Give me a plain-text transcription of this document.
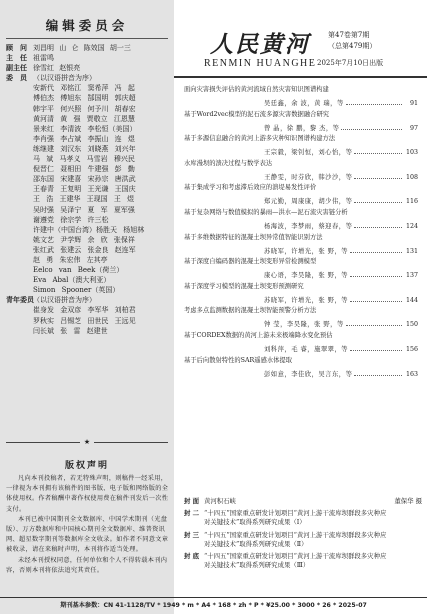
编辑委员会
顾　问 刘昌明 山 仑 陈效国 胡一三
主　任 祖雷鸣
副主任 徐雪红 赵银亮
委　员 （以汉语拼音为序）
安新代 邓铭江 窦希萍 冯 起
傅伯杰 傅旭东 郜国明 郭庆超
韩宇平 何兴照 何予川 胡春宏
黄河清 黄 强 贾敬立 江恩慧
景来红 李清波 李松恒（美国）
李肖强 李占斌 李振山 连 煜
练继建 刘汉东 刘晓燕 刘兴年
马 斌 马孝义 马雪岩 穆兴民
倪晋仁 聂相田 牛建强 彭 勤
邵东国 宋建喜 宋孙宗 唐洪武
王春青 王复明 王光谦 王国庆
王 浩 王建华 王现国 王 煜
吴时强 吴泽宁 夏 军 夏军强
谢遵党 徐宗学 许三松
许建中（中国台湾）杨胜天 杨旭林
姚文艺 尹学辉 余 欣 张保祥
张红武 张建云 张金良 赵连军
赵 勇 朱宏伟 左其亭
Eelco van Beek（荷兰）
Eva Abal（澳大利亚）
Simon Spooner（英国）
青年委员 （以汉语拼音为序）
崔身发 金双彦 李军华 刘柏君
罗秋实 吕锡芝 田世民 王远见
闫长斌 张 雷 赵建世
★
版权声明

凡向本刊投稿者，若无特殊声明，则稿件一经采用，一律视为本刊拥有该稿件的图书版、电子版和网络版的全体使用权。作者稿酬中著作权使用费在稿件刊发后一次性支付。

本刊已被中国期刊全文数据库、中国学术期刊（光盘版）、万方数据库和中国核心期刊全文数据库、维普资讯网、超星数字期刊等数据库全文收录。如作者不同意文章被收录，请在来稿时声明，本刊将作适当处理。

未经本刊授权同意，任何单位和个人不得转载本刊内容，否则本刊将依法追究其责任。

人民黄河
RENMIN HUANGHE
第47卷第7期
（总第479期）
2025年7月10日出版
面向灾害损失评估的黄河流域自然灾害知识图谱构建
吴廷鑫，余 波，黄 瑞，等	91
基于Word2vec模型的泥石流多源灾害数据融合研究
曾 晶，徐 鹏，黎 杰，等	97
基于多源信息融合的黄河上游多灾种知识图谱构建方法
王宗毅，梁钊恒，刘心怡，等	103
水库漫坝的溃决过程与数学表达
王静雯，时芬欣，韩沙沙，等	108
基于集成学习和考虑滞后效应的溃堤易发性评价
郑元勤，周康康，胡少伟，等	116
基于复杂网络与数值模拟的暴雨—洪水—泥石流灾害链分析
杨海波，李梦雨，蔡迎春，等	124
基于多维数据特征的混凝土坝异常值智能识别方法
苏晓军，许增光，张 野，等	131
基于深度自编码器的混凝土坝变形异常检测模型
康心语，李昊隆，张 野，等	137
基于深度学习模型的混凝土坝变形预测研究
苏晓军，许增光，张 野，等	144
考虑多点监测数据的混凝土坝智能预警分析方法
钟 莹，李昊隆，张 野，等	150
基于CORDEX数据的黄河上游未来极端降水变化预估
刘科萍，毛 睿，施翠翠，等	156
基于后向散射特性的SAR遥感水体提取
彭如意，李佳欣，吴言东，等	163
封 面 黄河积石峡	董保华 摄
封 二 “十四五”国家重点研发计划项目“黄河上游干流库坝群段多灾种应对关键技术”取得系列研究成果（Ⅰ）
封 三 “十四五”国家重点研发计划项目“黄河上游干流库坝群段多灾种应对关键技术”取得系列研究成果（Ⅱ）
封 底 “十四五”国家重点研发计划项目“黄河上游干流库坝群段多灾种应对关键技术”取得系列研究成果（Ⅲ）
期刊基本参数：CN 41-1128/TV * 1949 * m * A4 * 168 * zh * P * ¥25.00 * 3000 * 26 * 2025-07
